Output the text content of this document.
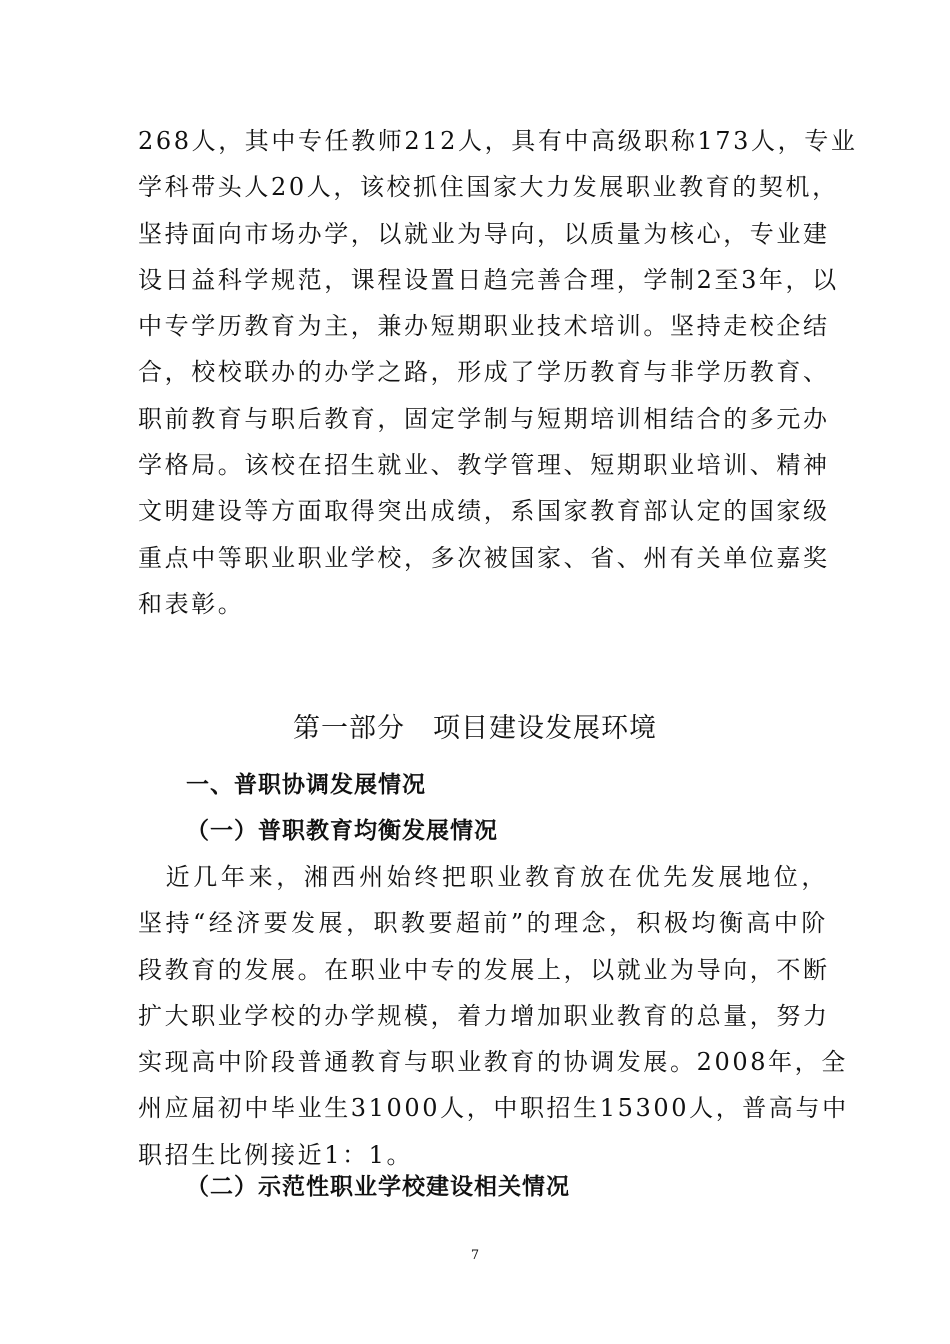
268人，其中专任教师212人，具有中高级职称173人，专业
学科带头人20人，该校抓住国家大力发展职业教育的契机，
坚持面向市场办学，以就业为导向，以质量为核心，专业建
设日益科学规范，课程设置日趋完善合理，学制2至3年，以
中专学历教育为主，兼办短期职业技术培训。坚持走校企结
合，校校联办的办学之路，形成了学历教育与非学历教育、
职前教育与职后教育，固定学制与短期培训相结合的多元办
学格局。该校在招生就业、教学管理、短期职业培训、精神
文明建设等方面取得突出成绩，系国家教育部认定的国家级
重点中等职业职业学校，多次被国家、省、州有关单位嘉奖
和表彰。
第一部分　项目建设发展环境
一、普职协调发展情况
（一）普职教育均衡发展情况
　近几年来，湘西州始终把职业教育放在优先发展地位，
坚持“经济要发展，职教要超前”的理念，积极均衡高中阶
段教育的发展。在职业中专的发展上，以就业为导向，不断
扩大职业学校的办学规模，着力增加职业教育的总量，努力
实现高中阶段普通教育与职业教育的协调发展。2008年，全
州应届初中毕业生31000人，中职招生15300人，普高与中
职招生比例接近1：1。
（二）示范性职业学校建设相关情况
7
